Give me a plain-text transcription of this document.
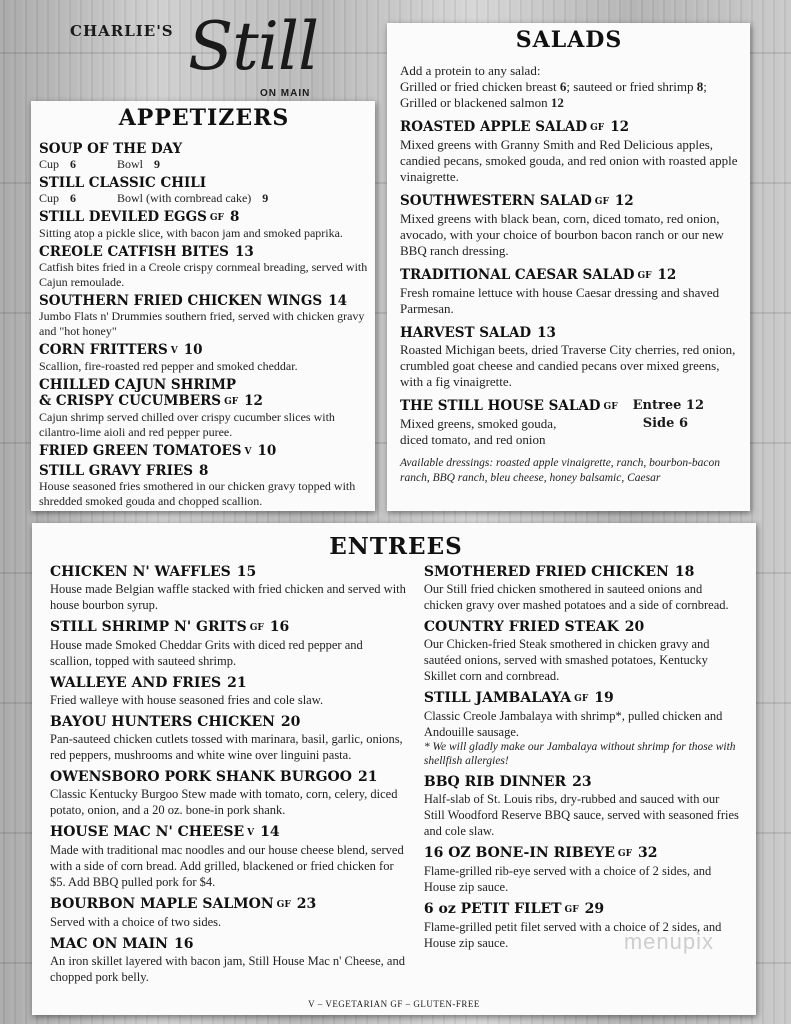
CHARLIE'S Still
ON MAIN
APPETIZERS
SOUP OF THE DAY
Cup 6	Bowl 9
STILL CLASSIC CHILI
Cup 6	Bowl (with cornbread cake) 9
STILL DEVILED EGGS GF 8
Sitting atop a pickle slice, with bacon jam and smoked paprika.
CREOLE CATFISH BITES 13
Catfish bites fried in a Creole crispy cornmeal breading, served with Cajun remoulade.
SOUTHERN FRIED CHICKEN WINGS 14
Jumbo Flats n' Drummies southern fried, served with chicken gravy and "hot honey"
CORN FRITTERS V 10
Scallion, fire-roasted red pepper and smoked cheddar.
CHILLED CAJUN SHRIMP
& CRISPY CUCUMBERS GF 12
Cajun shrimp served chilled over crispy cucumber slices with cilantro-lime aioli and red pepper puree.
FRIED GREEN TOMATOES V 10
STILL GRAVY FRIES 8
House seasoned fries smothered in our chicken gravy topped with shredded smoked gouda and chopped scallion.
SALADS
Add a protein to any salad:
Grilled or fried chicken breast 6; sauteed or fried shrimp 8;
Grilled or blackened salmon 12
ROASTED APPLE SALAD GF 12
Mixed greens with Granny Smith and Red Delicious apples, candied pecans, smoked gouda, and red onion with roasted apple vinaigrette.
SOUTHWESTERN SALAD GF 12
Mixed greens with black bean, corn, diced tomato, red onion, avocado, with your choice of bourbon bacon ranch or our new BBQ ranch dressing.
TRADITIONAL CAESAR SALAD GF 12
Fresh romaine lettuce with house Caesar dressing and shaved Parmesan.
HARVEST SALAD 13
Roasted Michigan beets, dried Traverse City cherries, red onion, crumbled goat cheese and candied pecans over mixed greens, with a fig vinaigrette.
THE STILL HOUSE SALAD GF Entree 12
Mixed greens, smoked gouda,
diced tomato, and red onion
Side 6
Available dressings: roasted apple vinaigrette, ranch, bourbon-bacon ranch, BBQ ranch, bleu cheese, honey balsamic, Caesar
ENTREES
CHICKEN N' WAFFLES 15
House made Belgian waffle stacked with fried chicken and served with house bourbon syrup.
STILL SHRIMP N' GRITS GF 16
House made Smoked Cheddar Grits with diced red pepper and scallion, topped with sauteed shrimp.
WALLEYE AND FRIES 21
Fried walleye with house seasoned fries and cole slaw.
BAYOU HUNTERS CHICKEN 20
Pan-sauteed chicken cutlets tossed with marinara, basil, garlic, onions, red peppers, mushrooms and white wine over linguini pasta.
OWENSBORO PORK SHANK BURGOO 21
Classic Kentucky Burgoo Stew made with tomato, corn, celery, diced potato, onion, and a 20 oz. bone-in pork shank.
HOUSE MAC N' CHEESE V 14
Made with traditional mac noodles and our house cheese blend, served with a side of corn bread. Add grilled, blackened or fried chicken for $5. Add BBQ pulled pork for $4.
BOURBON MAPLE SALMON GF 23
Served with a choice of two sides.
MAC ON MAIN 16
An iron skillet layered with bacon jam, Still House Mac n' Cheese, and chopped pork belly.
SMOTHERED FRIED CHICKEN 18
Our Still fried chicken smothered in sauteed onions and chicken gravy over mashed potatoes and a side of cornbread.
COUNTRY FRIED STEAK 20
Our Chicken-fried Steak smothered in chicken gravy and sautéed onions, served with smashed potatoes, Kentucky Skillet corn and cornbread.
STILL JAMBALAYA GF 19
Classic Creole Jambalaya with shrimp*, pulled chicken and Andouille sausage.
* We will gladly make our Jambalaya without shrimp for those with shellfish allergies!
BBQ RIB DINNER 23
Half-slab of St. Louis ribs, dry-rubbed and sauced with our Still Woodford Reserve BBQ sauce, served with seasoned fries and cole slaw.
16 OZ BONE-IN RIBEYE GF 32
Flame-grilled rib-eye served with a choice of 2 sides, and House zip sauce.
6 oz PETIT FILET GF 29
Flame-grilled petit filet served with a choice of 2 sides, and House zip sauce.
V – VEGETARIAN GF – GLUTEN-FREE
menupix
